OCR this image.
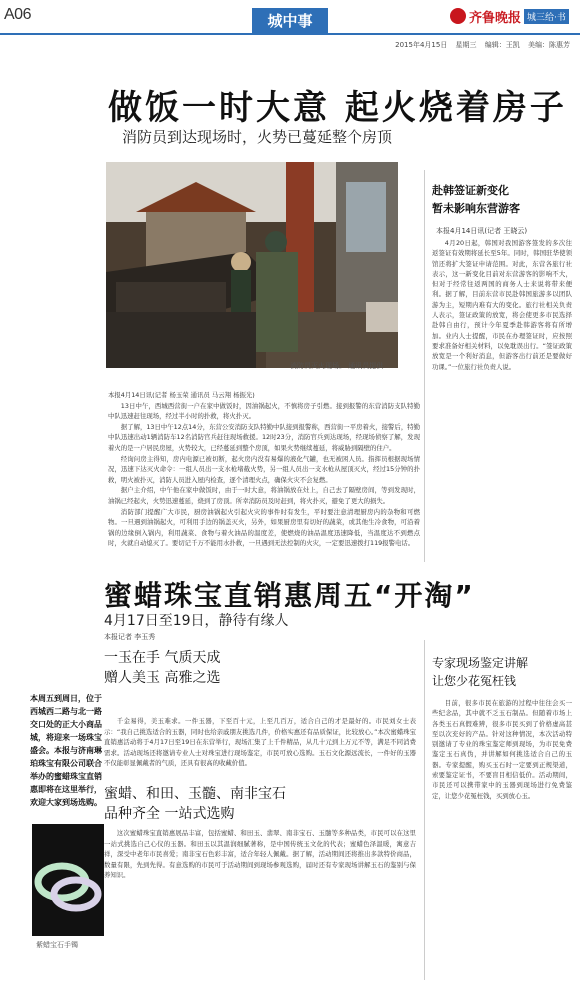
A06	城中事	齐鲁晚报 城三给·书
2015年4月15日 星期三 编辑：王凯 美编：陈惠芳
做饭一时大意 起火烧着房子
消防员到达现场时，火势已蔓延整个房顶
消防员灭火现场。 通讯员提供

本报4月14日讯(记者 杨玉荣 通讯员 马云翔 杨振光)

13日中午，西城西营街一户在家中做饭时，因油锅起火，不慎将房子引燃。接到报警的东营消防支队特勤中队迅速赶往现场，经过半小时的扑救，将火扑灭。

据了解，13日中午12点14分，东营公安消防支队特勤中队接到报警称，西营街一平房着火，接警后，特勤中队迅速出动1辆消防车12名消防官兵赶往现场救援。12时23分，消防官兵到达现场，经现场侦察了解，发现着火的是一户居民房屋，火势较大，已经蔓延到整个房顶，如果火势继续蔓延，将威胁到隔壁的住户。

经询问房主得知，房内电源已被切断，起火房内没有易爆的液化气罐，也无被困人员。指挥员根据现场情况，迅速下达灭火命令：一组人员出一支水枪堵截火势，另一组人员出一支水枪从屋顶灭火，经过15分钟的扑救，明火被扑灭，消防人员进入屋内检查，逐个清理火点，确保火灾不会复燃。

据户主介绍，中午他在家中做饭时，由于一时大意，将油锅放在灶上，自己去了隔壁房间，等到发现时，油锅已经起火，火势迅速蔓延，烧到了房顶。所幸消防员及时赶到，将火扑灭，避免了更大的损失。

消防部门提醒广大市民，厨房油锅起火引起火灾的事件时有发生，平时要注意清理厨房内的杂物和可燃物。一旦遇到油锅起火，可利用手边的锅盖灭火，另外，如果厨房里有切好的蔬菜，或其他生冷食物，可沿着锅的边缘倒入锅内，利用蔬菜、食物与着火油品的温度差，使燃烧的油品温度迅速降低，当温度达不到燃点时，火就自动熄灭了。要切记千万不能用水扑救，一旦遇到无法控制的火灾，一定要迅速拨打119报警电话。

赴韩签证新变化
暂未影响东营游客
本报4月14日讯(记者 王晓云)
4月20日起，韩国对我国游客签发的多次往返签证有效期将延长至5年。同时，韩国驻华使领馆还将扩大签证申请范围。对此，东营各旅行社表示，这一新变化目前对东营游客的影响不大，但对于经常往返两国的商务人士来说将带来便利。据了解，目前东营市民赴韩国旅游多以团队游为主，短期内难有大的变化。旅行社相关负责人表示，签证政策的放宽，将会使更多市民选择赴韩自由行，预计今年夏季赴韩游客将有所增加。业内人士提醒，市民在办理签证时，应按照要求准备好相关材料，以免耽误出行。“签证政策放宽是一个利好消息，但游客出行前还是要做好功课。”一位旅行社负责人说。
蜜蜡珠宝直销惠周五“开淘”
4月17日至19日，静待有缘人
本报记者 李玉秀
一玉在手 气质天成
赠人美玉 高雅之选

千金易得，美玉难求。一件玉器，下至百十元，上至几百万，适合自己的才是最好的。市民刘女士表示：“我自己挑选适合的玉器，同时也给亲戚朋友挑选几件，价格实惠还有品质保证，比较放心。”本次蜜蜡珠宝直销惠活动将于4月17日至19日在东营举行，现场汇集了上千件精品，从几十元到上万元不等，满足不同消费需求。活动现场还将邀请专业人士对珠宝进行现场鉴定，市民可放心选购。玉石文化源远流长，一件好的玉器不仅能彰显佩戴者的气质，还具有很高的收藏价值。

蜜蜡、和田、玉髓、南非宝石
品种齐全 一站式选购

这次蜜蜡珠宝直销惠展品丰富，包括蜜蜡、和田玉、翡翠、南非宝石、玉髓等多种品类，市民可以在这里一站式挑选自己心仪的玉器。和田玉以其温润细腻著称，是中国传统玉文化的代表；蜜蜡色泽温暖，寓意吉祥，深受中老年市民喜爱；南非宝石色彩丰富，适合年轻人佩戴。据了解，活动期间还将推出多款特价商品，数量有限，先到先得。有意选购的市民可于活动期间到现场参观选购，届时还有专家现场讲解玉石的鉴别与保养知识。

本周五到周日，位于西城西二路与北一路交口处的正大小商品城，将迎来一场珠宝盛会。本报与济南琳珀珠宝有限公司联合举办的蜜蜡珠宝直销惠即将在这里举行，欢迎大家到场选购。
紫蜡宝石手镯
专家现场鉴定讲解
让您少花冤枉钱

目前，很多市民在旅游的过程中往往会买一些纪念品，其中就不乏玉石制品。但随着市场上各类玉石真假难辨，很多市民买到了价格虚高甚至以次充好的产品。针对这种情况，本次活动特别邀请了专业的珠宝鉴定师到现场，为市民免费鉴定玉石真伪，并讲解如何挑选适合自己的玉器。专家提醒，购买玉石时一定要到正规渠道，索要鉴定证书，不要盲目相信低价。活动期间，市民还可以携带家中的玉器到现场进行免费鉴定，让您少花冤枉钱，买到放心玉。
